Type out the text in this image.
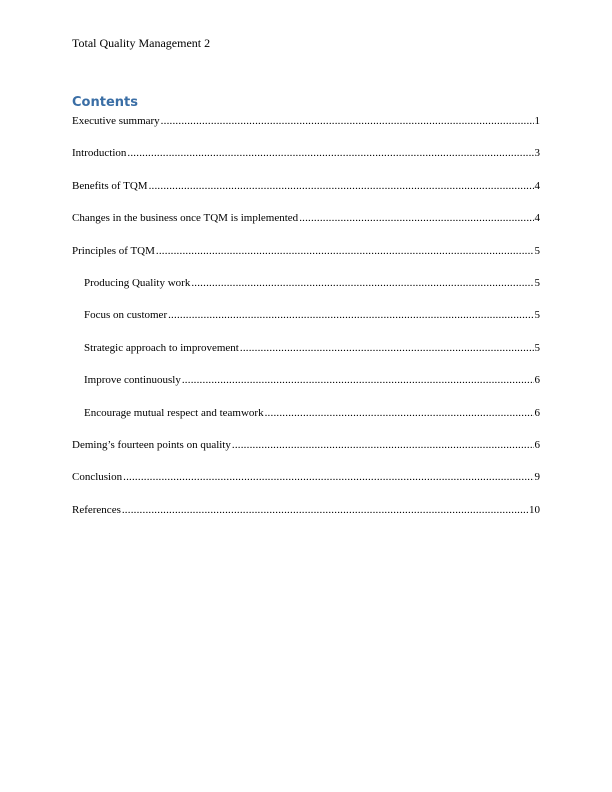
Total Quality Management 2
Contents
Executive summary .....	1
Introduction .....	3
Benefits of TQM .....	4
Changes in the business once TQM is implemented .....	4
Principles of TQM .....	5
Producing Quality work .....	5
Focus on customer .....	5
Strategic approach to improvement .....	5
Improve continuously .....	6
Encourage mutual respect and teamwork .....	6
Deming’s fourteen points on quality .....	6
Conclusion .....	9
References .....	10
